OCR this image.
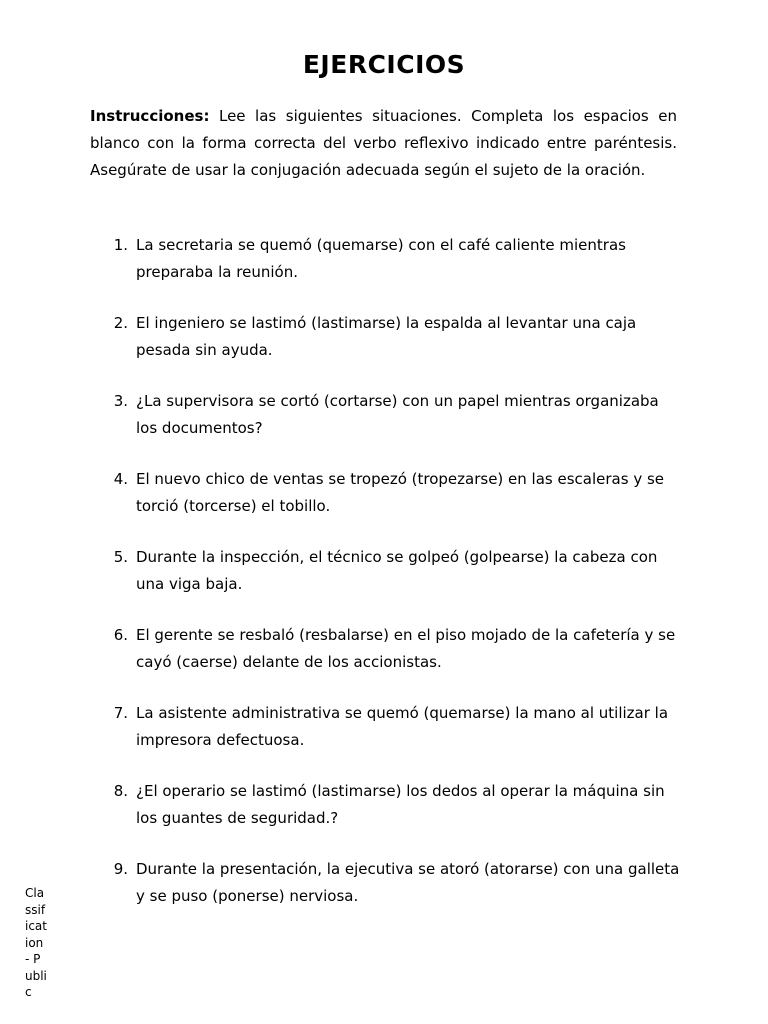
EJERCICIOS

Instrucciones: Lee las siguientes situaciones. Completa los espacios en blanco con la forma correcta del verbo reflexivo indicado entre paréntesis. Asegúrate de usar la conjugación adecuada según el sujeto de la oración.

1. La secretaria se quemó (quemarse) con el café caliente mientras preparaba la reunión.
2. El ingeniero se lastimó (lastimarse) la espalda al levantar una caja pesada sin ayuda.
3. ¿La supervisora se cortó (cortarse) con un papel mientras organizaba los documentos?
4. El nuevo chico de ventas se tropezó (tropezarse) en las escaleras y se torció (torcerse) el tobillo.
5. Durante la inspección, el técnico se golpeó (golpearse) la cabeza con una viga baja.
6. El gerente se resbaló (resbalarse) en el piso mojado de la cafetería y se cayó (caerse) delante de los accionistas.
7. La asistente administrativa se quemó (quemarse) la mano al utilizar la impresora defectuosa.
8. ¿El operario se lastimó (lastimarse) los dedos al operar la máquina sin los guantes de seguridad.?
9. Durante la presentación, la ejecutiva se atoró (atorarse) con una galleta y se puso (ponerse) nerviosa.
Classification - Public
